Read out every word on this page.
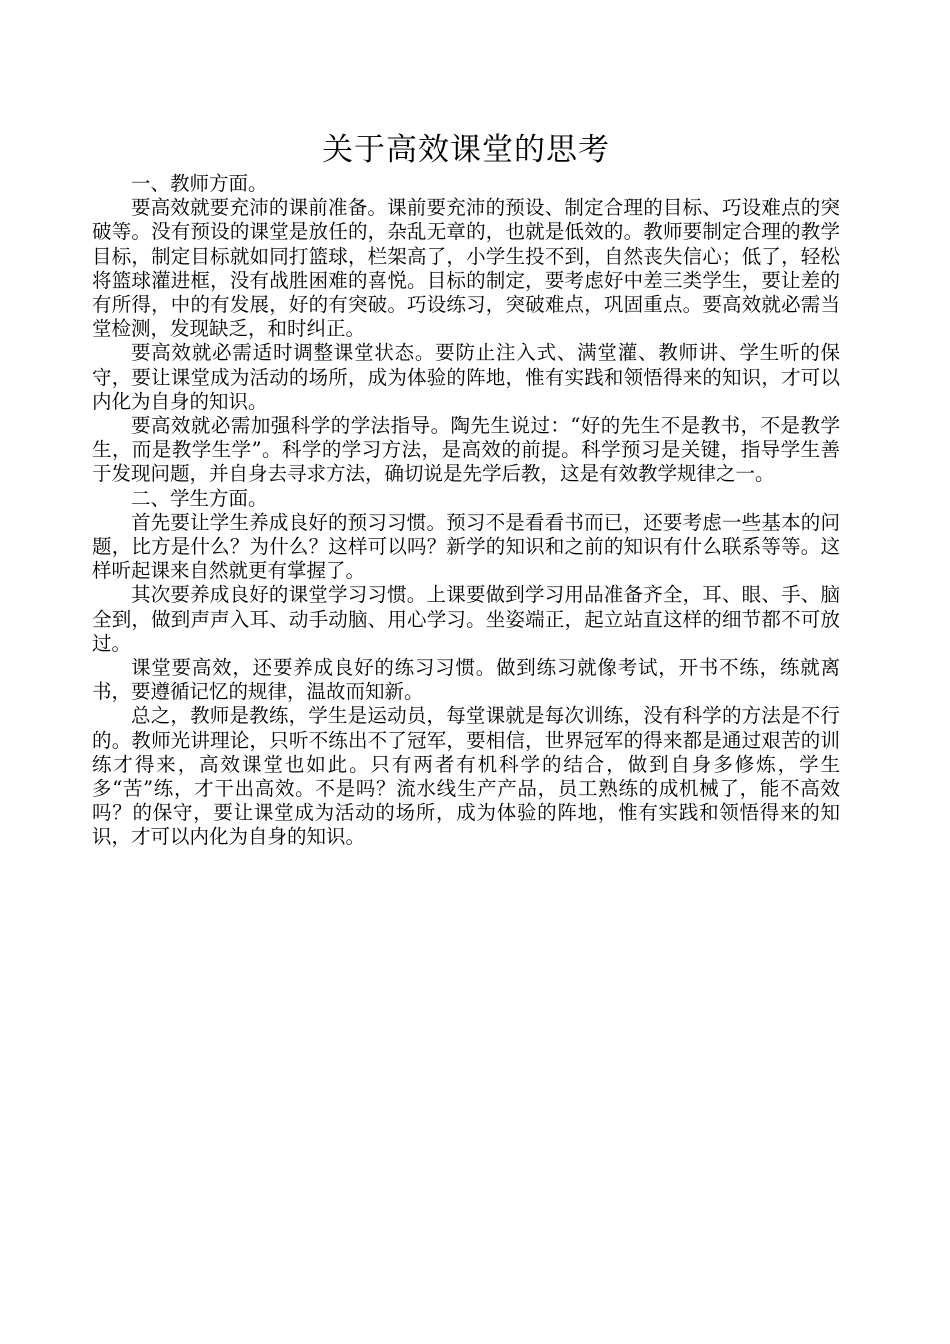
关于高效课堂的思考

一、教师方面。

要高效就要充沛的课前准备。课前要充沛的预设、制定合理的目标、巧设难点的突破等。没有预设的课堂是放任的，杂乱无章的，也就是低效的。教师要制定合理的教学目标，制定目标就如同打篮球，栏架高了，小学生投不到，自然丧失信心；低了，轻松将篮球灌进框，没有战胜困难的喜悦。目标的制定，要考虑好中差三类学生，要让差的有所得，中的有发展，好的有突破。巧设练习，突破难点，巩固重点。要高效就必需当堂检测，发现缺乏，和时纠正。

要高效就必需适时调整课堂状态。要防止注入式、满堂灌、教师讲、学生听的保守，要让课堂成为活动的场所，成为体验的阵地，惟有实践和领悟得来的知识，才可以内化为自身的知识。

要高效就必需加强科学的学法指导。陶先生说过：“好的先生不是教书，不是教学生，而是教学生学”。科学的学习方法，是高效的前提。科学预习是关键，指导学生善于发现问题，并自身去寻求方法，确切说是先学后教，这是有效教学规律之一。

二、学生方面。

首先要让学生养成良好的预习习惯。预习不是看看书而已，还要考虑一些基本的问题，比方是什么？为什么？这样可以吗？新学的知识和之前的知识有什么联系等等。这样听起课来自然就更有掌握了。

其次要养成良好的课堂学习习惯。上课要做到学习用品准备齐全，耳、眼、手、脑全到，做到声声入耳、动手动脑、用心学习。坐姿端正，起立站直这样的细节都不可放过。

课堂要高效，还要养成良好的练习习惯。做到练习就像考试，开书不练，练就离书，要遵循记忆的规律，温故而知新。

总之，教师是教练，学生是运动员，每堂课就是每次训练，没有科学的方法是不行的。教师光讲理论，只听不练出不了冠军，要相信，世界冠军的得来都是通过艰苦的训练才得来，高效课堂也如此。只有两者有机科学的结合，做到自身多修炼，学生多“苦”练，才干出高效。不是吗？流水线生产产品，员工熟练的成机械了，能不高效吗？的保守，要让课堂成为活动的场所，成为体验的阵地，惟有实践和领悟得来的知识，才可以内化为自身的知识。
